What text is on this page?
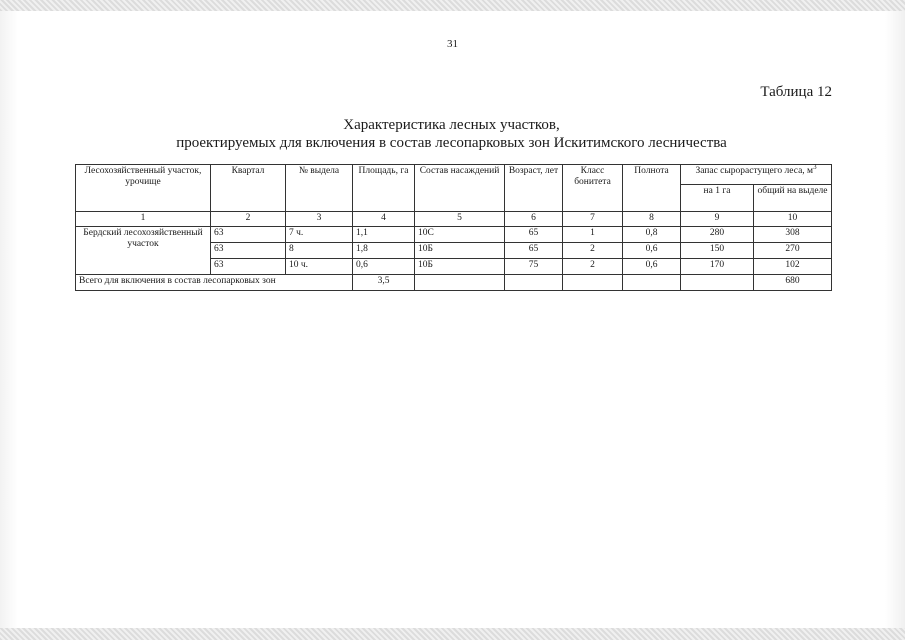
31
Таблица 12
Характеристика лесных участков,
проектируемых для включения в состав лесопарковых зон Искитимского лесничества
Лесохозяйственный участок, урочище	Квартал	№ выдела	Площадь, га	Состав насаждений	Возраст, лет	Класс бонитета	Полнота	Запас сырорастущего леса, $м^3$
								на 1 га	общий на выделе
1	2	3	4	5	6	7	8	9	10
Бердский лесохозяйственный участок	63	7 ч.	1,1	10С	65	1	0,8	280	308
	63	8	1,8	10Б	65	2	0,6	150	270
	63	10 ч.	0,6	10Б	75	2	0,6	170	102
Всего для включения в состав лесопарковых зон			3,5						680
